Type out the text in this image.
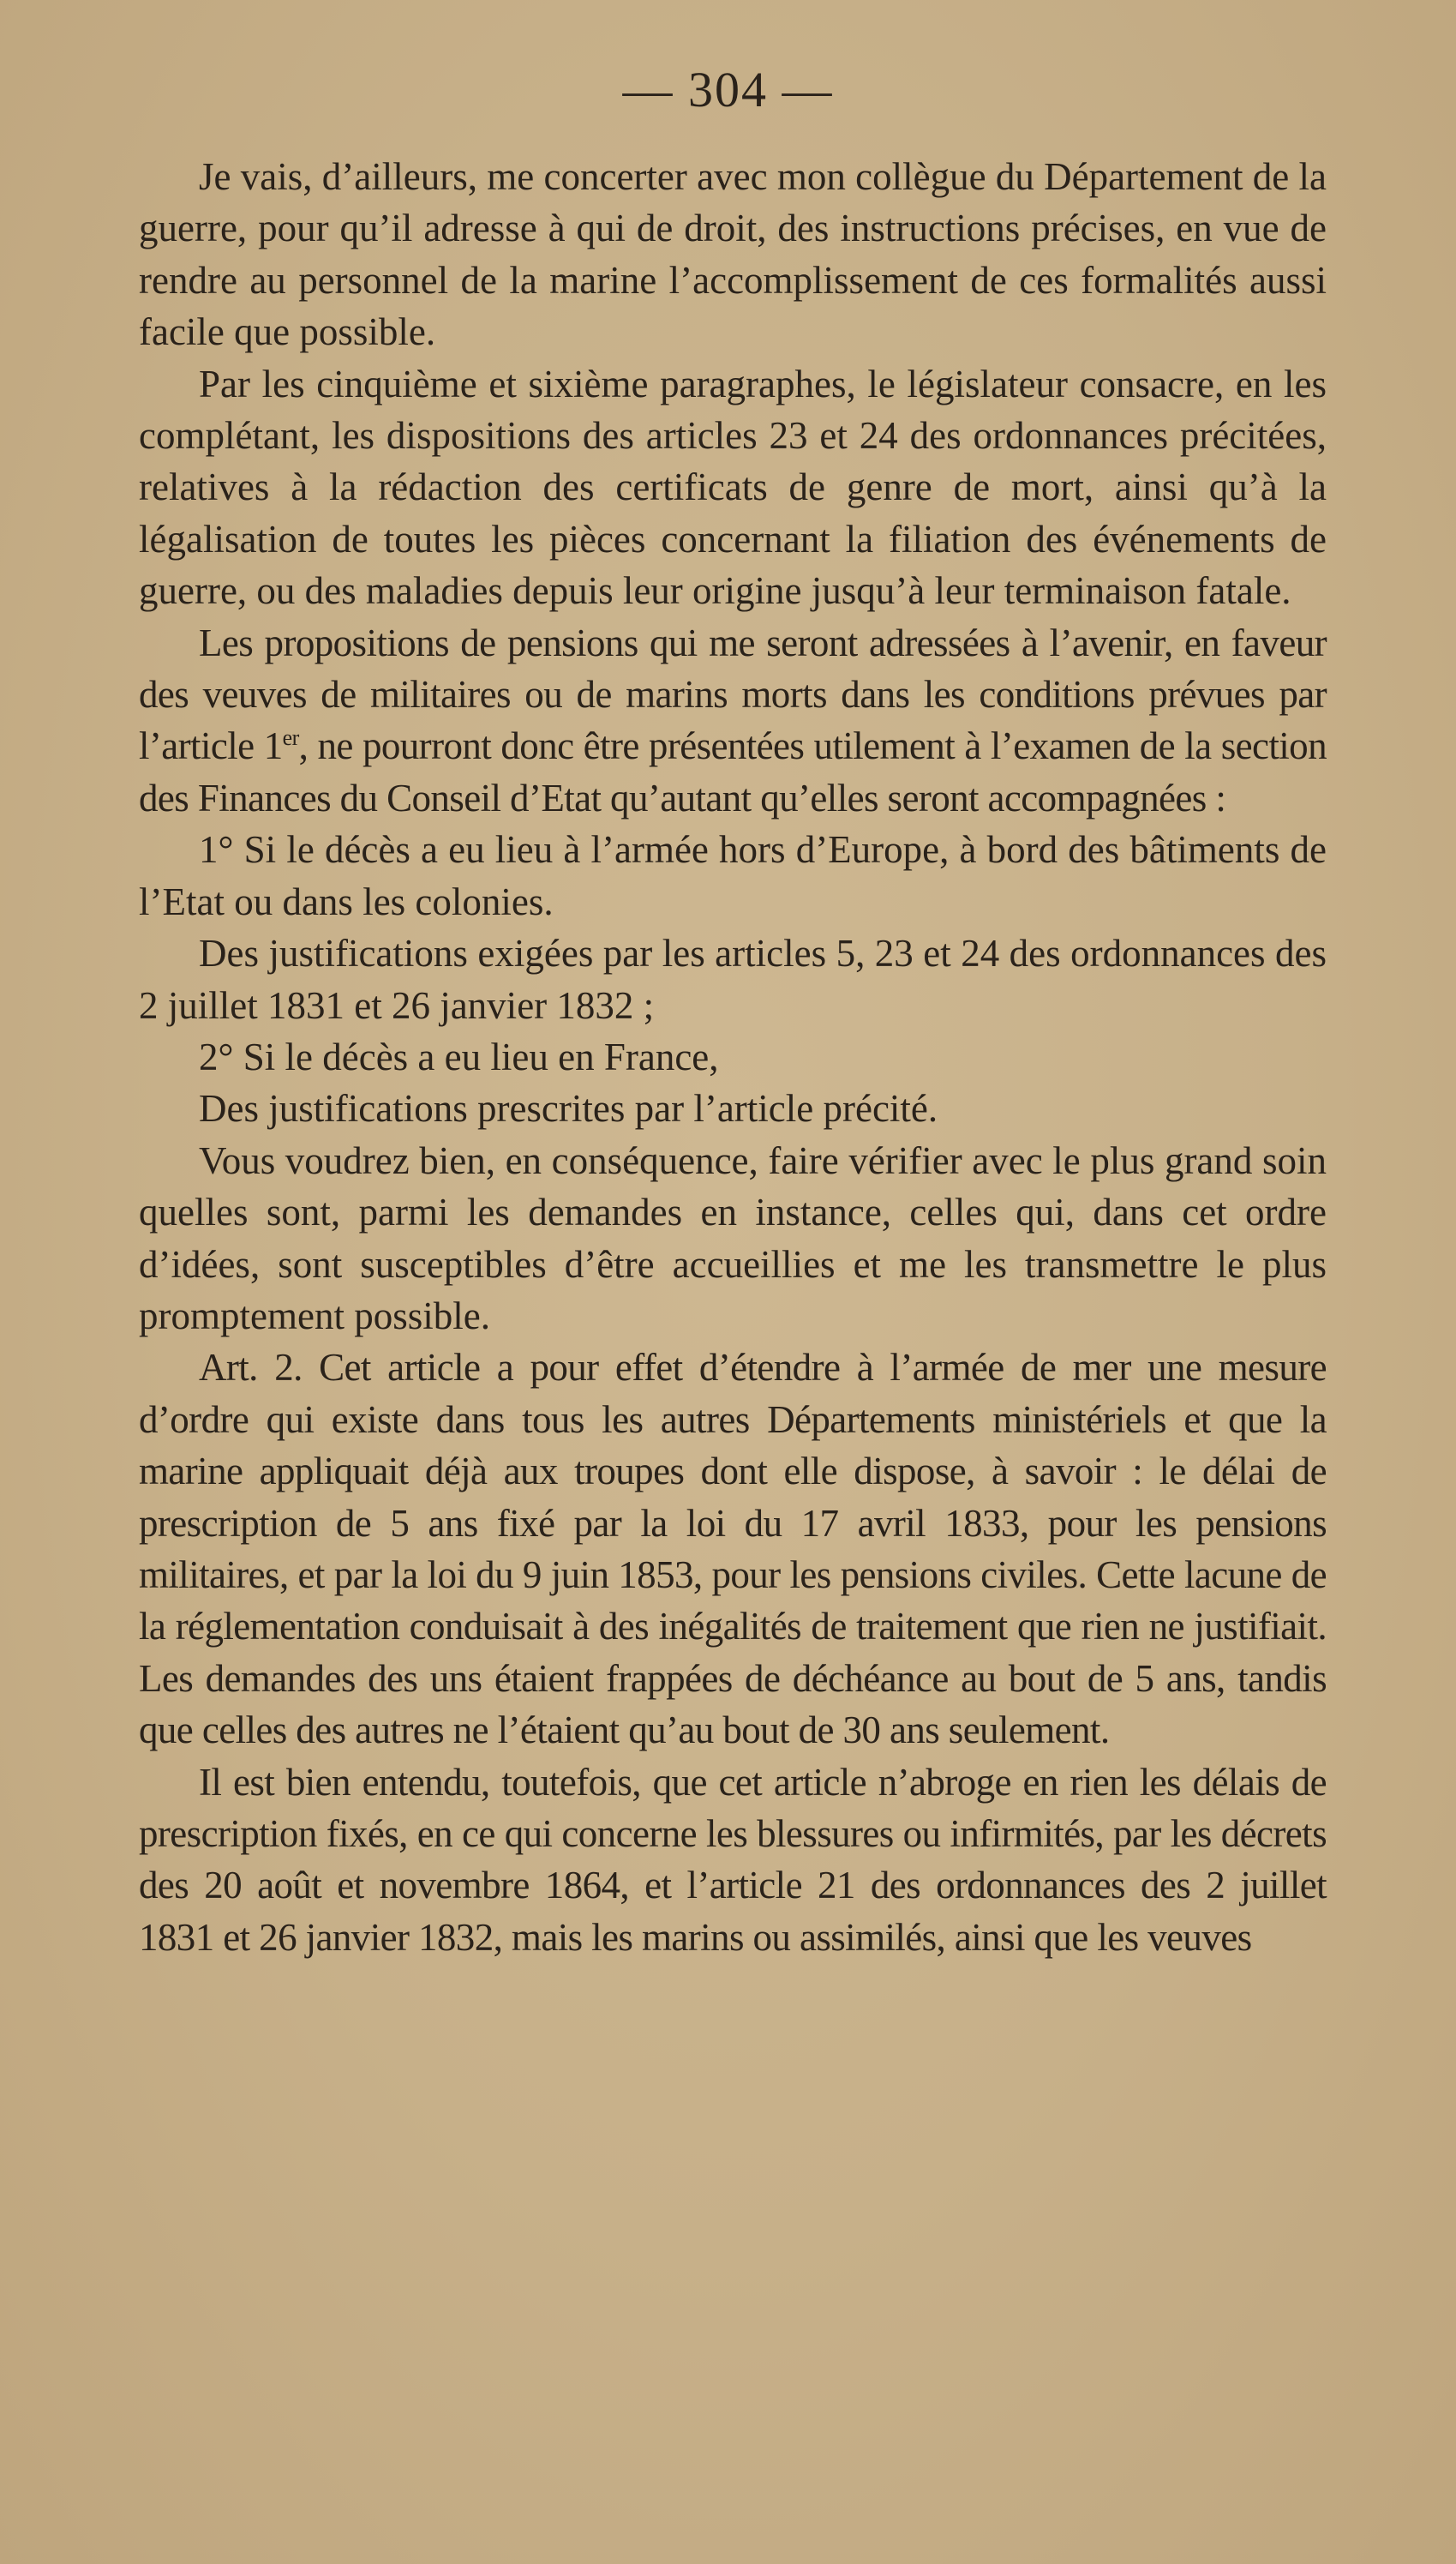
— 304 —

Je vais, d’ailleurs, me concerter avec mon collègue du Département de la guerre, pour qu’il adresse à qui de droit, des instructions précises, en vue de rendre au personnel de la marine l’accomplissement de ces formalités aussi facile que possible.

Par les cinquième et sixième paragraphes, le législateur consacre, en les complétant, les dispositions des articles 23 et 24 des ordonnances précitées, relatives à la rédaction des certificats de genre de mort, ainsi qu’à la légalisation de toutes les pièces concernant la filiation des événements de guerre, ou des maladies depuis leur origine jusqu’à leur terminaison fatale.

Les propositions de pensions qui me seront adressées à l’avenir, en faveur des veuves de militaires ou de marins morts dans les conditions prévues par l’article 1er, ne pourront donc être présentées utilement à l’examen de la section des Finances du Conseil d’Etat qu’autant qu’elles seront accompagnées :

1° Si le décès a eu lieu à l’armée hors d’Europe, à bord des bâtiments de l’Etat ou dans les colonies.

Des justifications exigées par les articles 5, 23 et 24 des ordonnances des 2 juillet 1831 et 26 janvier 1832 ;

2° Si le décès a eu lieu en France,

Des justifications prescrites par l’article précité.

Vous voudrez bien, en conséquence, faire vérifier avec le plus grand soin quelles sont, parmi les demandes en instance, celles qui, dans cet ordre d’idées, sont susceptibles d’être accueillies et me les transmettre le plus promptement possible.

Art. 2. Cet article a pour effet d’étendre à l’armée de mer une mesure d’ordre qui existe dans tous les autres Départements ministériels et que la marine appliquait déjà aux troupes dont elle dispose, à savoir : le délai de prescription de 5 ans fixé par la loi du 17 avril 1833, pour les pensions militaires, et par la loi du 9 juin 1853, pour les pensions civiles. Cette lacune de la réglementation conduisait à des inégalités de traitement que rien ne justifiait. Les demandes des uns étaient frappées de déchéance au bout de 5 ans, tandis que celles des autres ne l’étaient qu’au bout de 30 ans seulement.

Il est bien entendu, toutefois, que cet article n’abroge en rien les délais de prescription fixés, en ce qui concerne les blessures ou infirmités, par les décrets des 20 août et novembre 1864, et l’article 21 des ordonnances des 2 juillet 1831 et 26 janvier 1832, mais les marins ou assimilés, ainsi que les veuves
